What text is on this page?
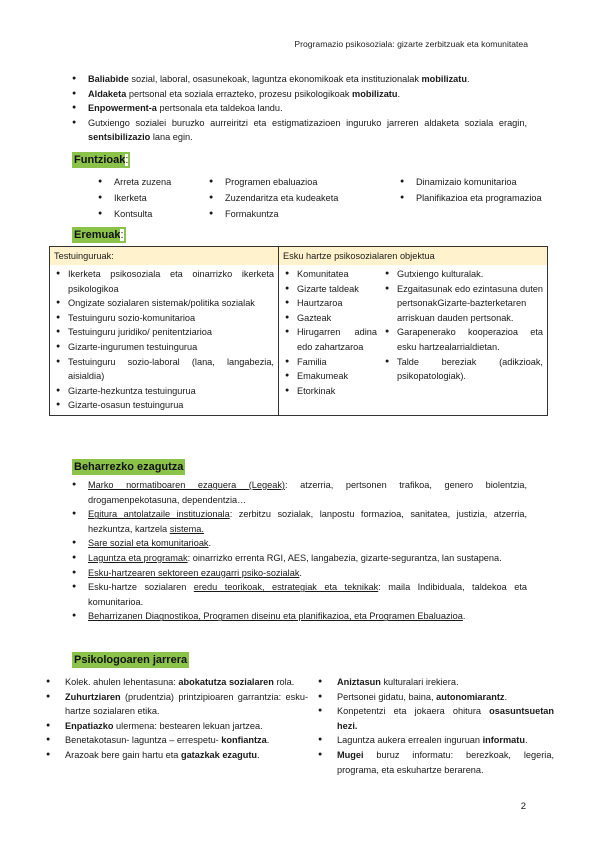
Programazio psikosoziala: gizarte zerbitzuak eta komunitatea
● Baliabide sozial, laboral, osasunekoak, laguntza ekonomikoak eta instituzionalak mobilizatu.
● Aldaketa pertsonal eta soziala errazteko, prozesu psikologikoak mobilizatu.
● Enpowerment-a pertsonala eta taldekoa landu.
● Gutxiengo sozialei buruzko aurreiritzi eta estigmatizazioen inguruko jarreren aldaketa soziala eragin, sentsibilizazio lana egin.
Funtzioak:
● Arreta zuzena
● Ikerketa
● Kontsulta
● Programen ebaluazioa
● Zuzendaritza eta kudeaketa
● Formakuntza
● Dinamizaio komunitarioa
● Planifikazioa eta programazioa
Eremuak:
Testuinguruak:
● Ikerketa psikosoziala eta oinarrizko ikerketa psikologikoa
● Ongizate sozialaren sistemak/politika sozialak
● Testuinguru sozio-komunitarioa
● Testuinguru juridiko/ penitentziarioa
● Gizarte-ingurumen testuingurua
● Testuinguru sozio-laboral (lana, langabezia, aisialdia)
● Gizarte-hezkuntza testuingurua
● Gizarte-osasun testuingurua

Esku hartze psikosozialaren objektua
● Komunitatea
● Gizarte taldeak
● Haurtzaroa
● Gazteak
● Hirugarren adina edo zahartzaroa
● Familia
● Emakumeak
● Etorkinak
● Gutxiengo kulturalak.
● Ezgaitasunak edo ezintasuna duten pertsonakGizarte-bazterketaren arriskuan dauden pertsonak.
● Garapenerako kooperazioa eta esku hartzealarrialdietan.
● Talde bereziak (adikzioak, psikopatologiak).
Beharrezko ezagutza
● Marko normatiboaren ezaguera (Legeak): atzerria, pertsonen trafikoa, genero biolentzia, drogamenpekotasuna, dependentzia…
● Egitura antolatzaile instituzionala: zerbitzu sozialak, lanpostu formazioa, sanitatea, justizia, atzerria, hezkuntza, kartzela sistema.
● Sare sozial eta komunitarioak.
● Laguntza eta programak: oinarrizko errenta RGI, AES, langabezia, gizarte-segurantza, lan sustapena.
● Esku-hartzearen sektoreen ezaugarri psiko-sozialak.
● Esku-hartze sozialaren eredu teorikoak, estrategiak eta teknikak: maila Indibiduala, taldekoa eta komunitarioa.
● Beharrizanen Diagnostikoa, Programen diseinu eta planifikazioa, eta Programen Ebaluazioa.
Psikologoaren jarrera
● Kolek. ahulen lehentasuna: abokatutza sozialaren rola.
● Zuhurtziaren (prudentzia) printzipioaren garrantzia: esku-hartze sozialaren etika.
● Enpatiazko ulermena: bestearen lekuan jartzea.
● Benetakotasun- laguntza – errespetu- konfiantza.
● Arazoak bere gain hartu eta gatazkak ezagutu.
● Aniztasun kulturalari irekiera.
● Pertsonei gidatu, baina, autonomiarantz.
● Konpetentzi eta jokaera ohitura osasuntsuetan hezi.
● Laguntza aukera errealen inguruan informatu.
● Mugei buruz informatu: berezkoak, legeria, programa, eta eskuhartze berarena.
2
